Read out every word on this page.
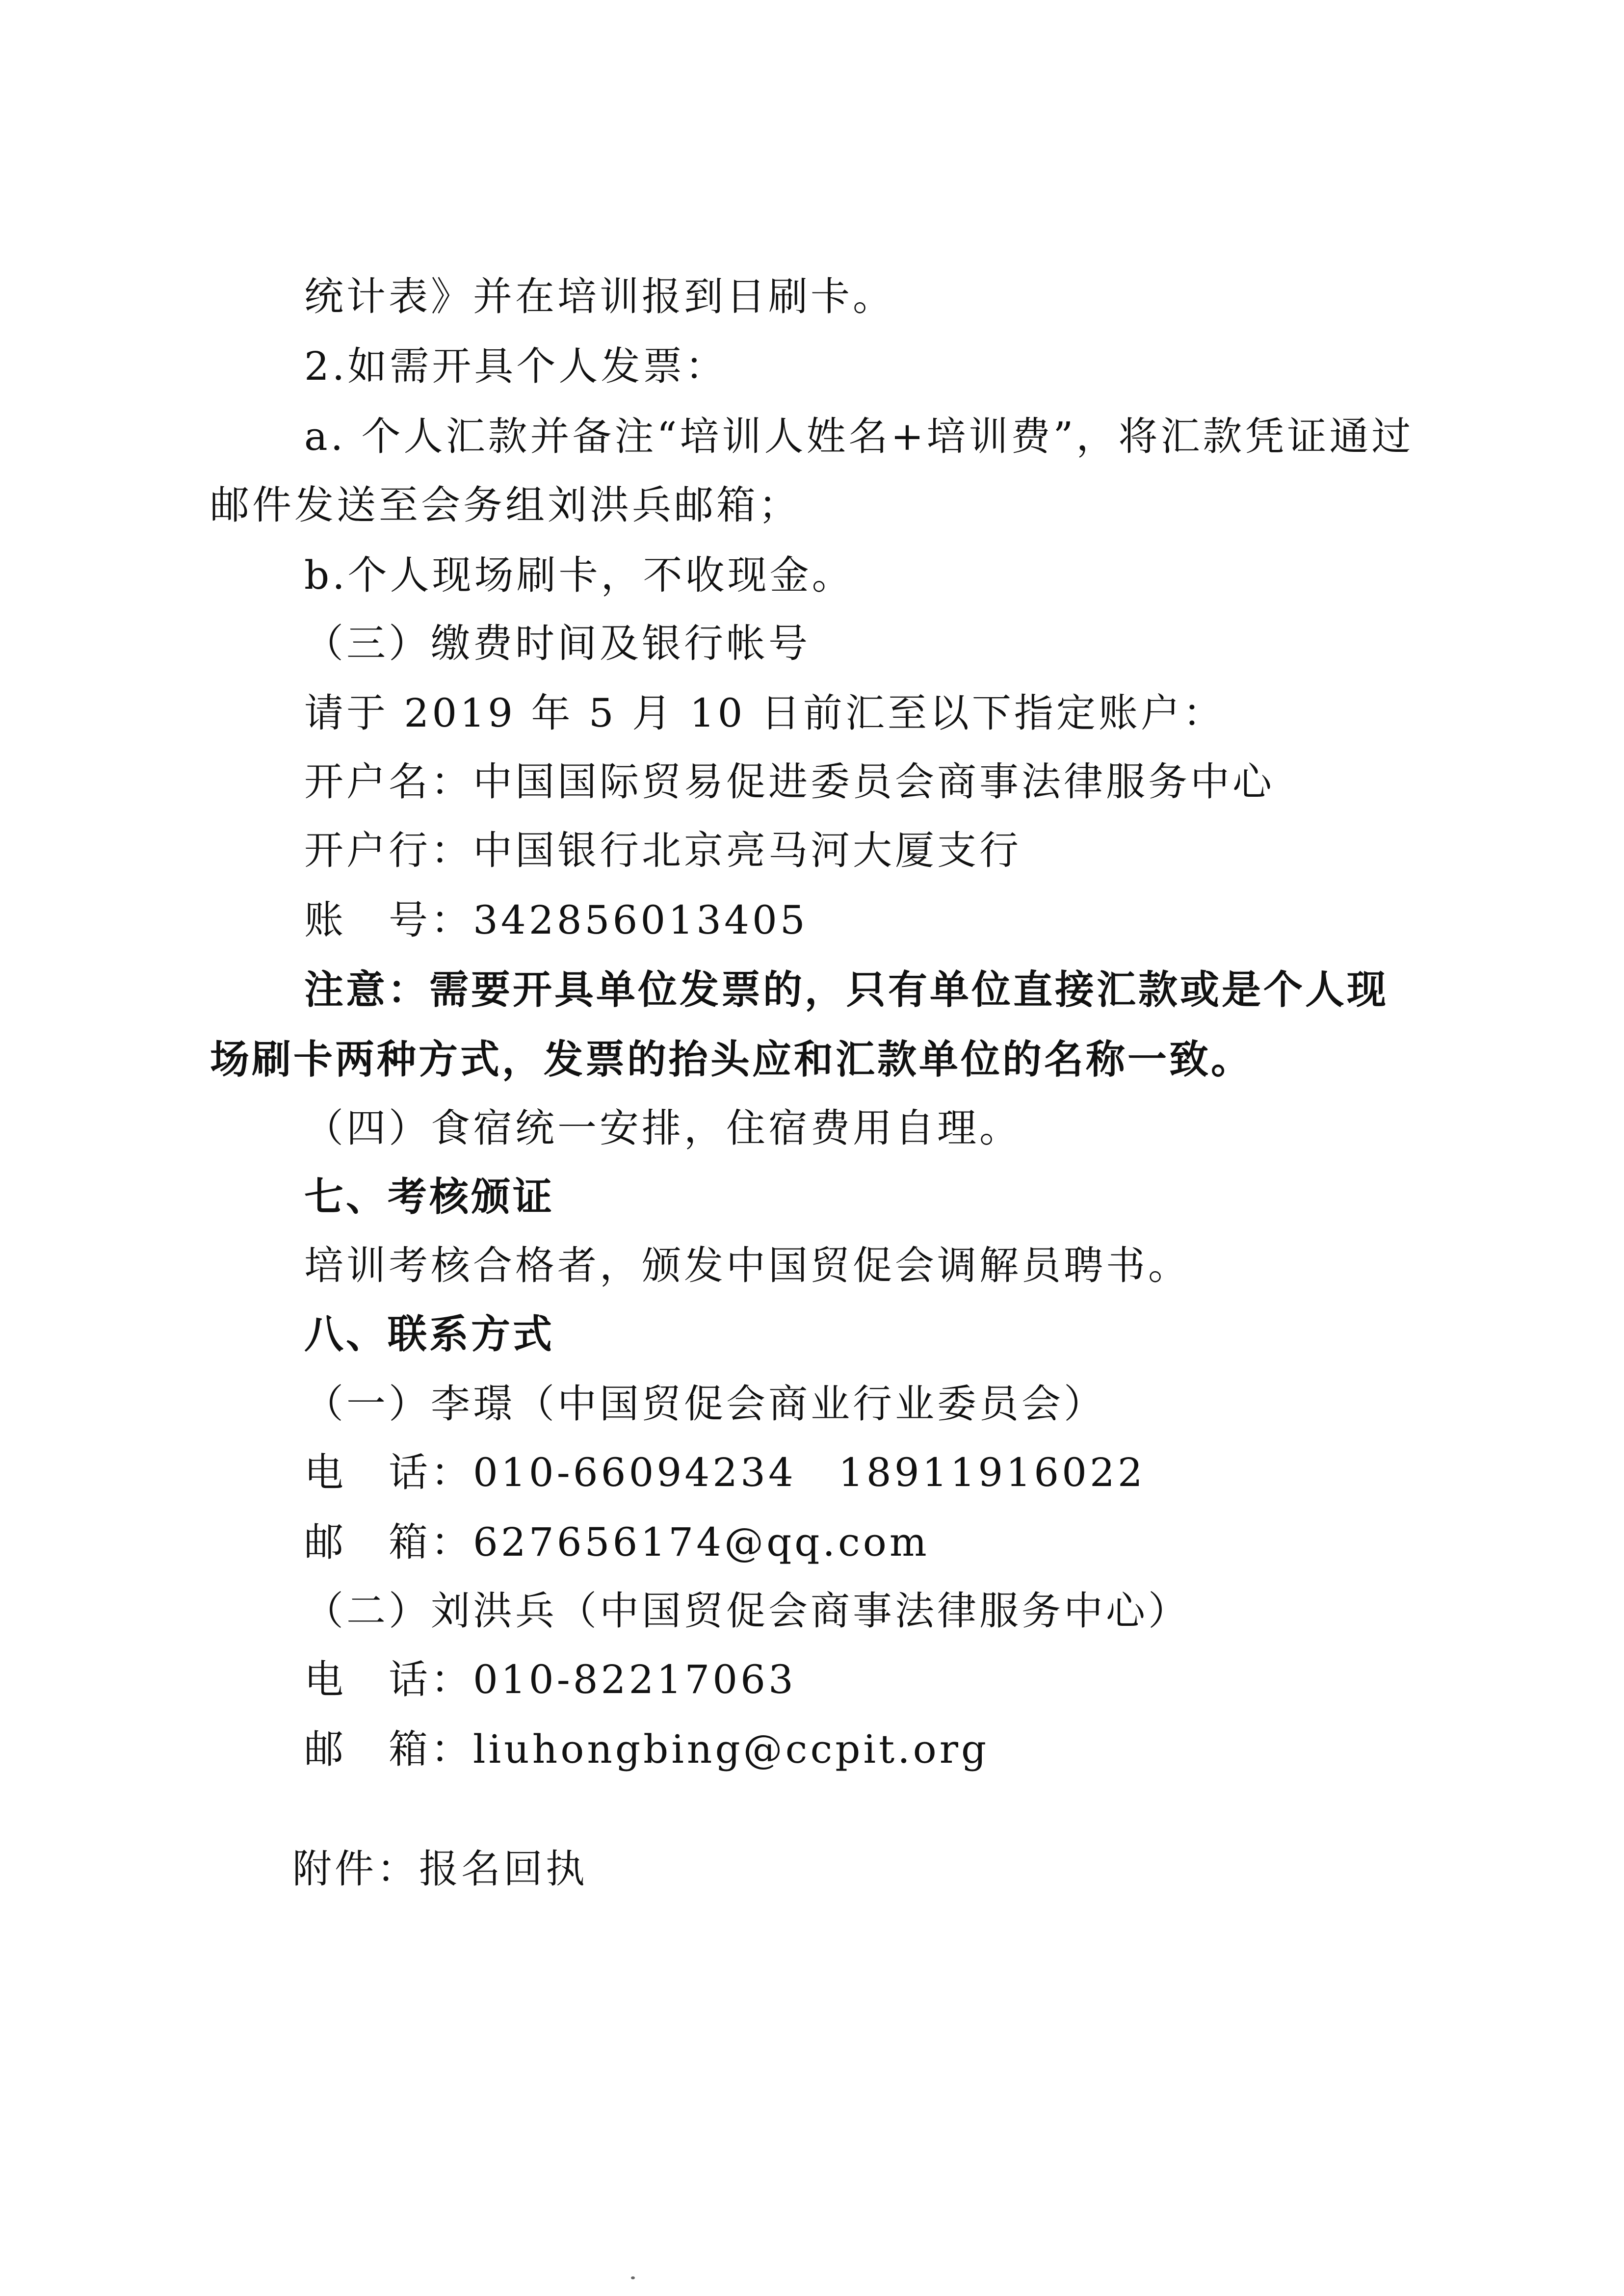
统计表》并在培训报到日刷卡。
2.如需开具个人发票：
a. 个人汇款并备注“培训人姓名+培训费”，将汇款凭证通过
邮件发送至会务组刘洪兵邮箱；
b.个人现场刷卡，不收现金。
（三）缴费时间及银行帐号
请于 2019 年 5 月 10 日前汇至以下指定账户：
开户名：中国国际贸易促进委员会商事法律服务中心
开户行：中国银行北京亮马河大厦支行
账　号：342856013405
注意：需要开具单位发票的，只有单位直接汇款或是个人现
场刷卡两种方式，发票的抬头应和汇款单位的名称一致。
（四）食宿统一安排，住宿费用自理。
七、考核颁证
培训考核合格者，颁发中国贸促会调解员聘书。
八、联系方式
（一）李璟（中国贸促会商业行业委员会）
电　话：010-66094234　18911916022
邮　箱：627656174@qq.com
（二）刘洪兵（中国贸促会商事法律服务中心）
电　话：010-82217063
邮　箱：liuhongbing@ccpit.org
附件：报名回执
